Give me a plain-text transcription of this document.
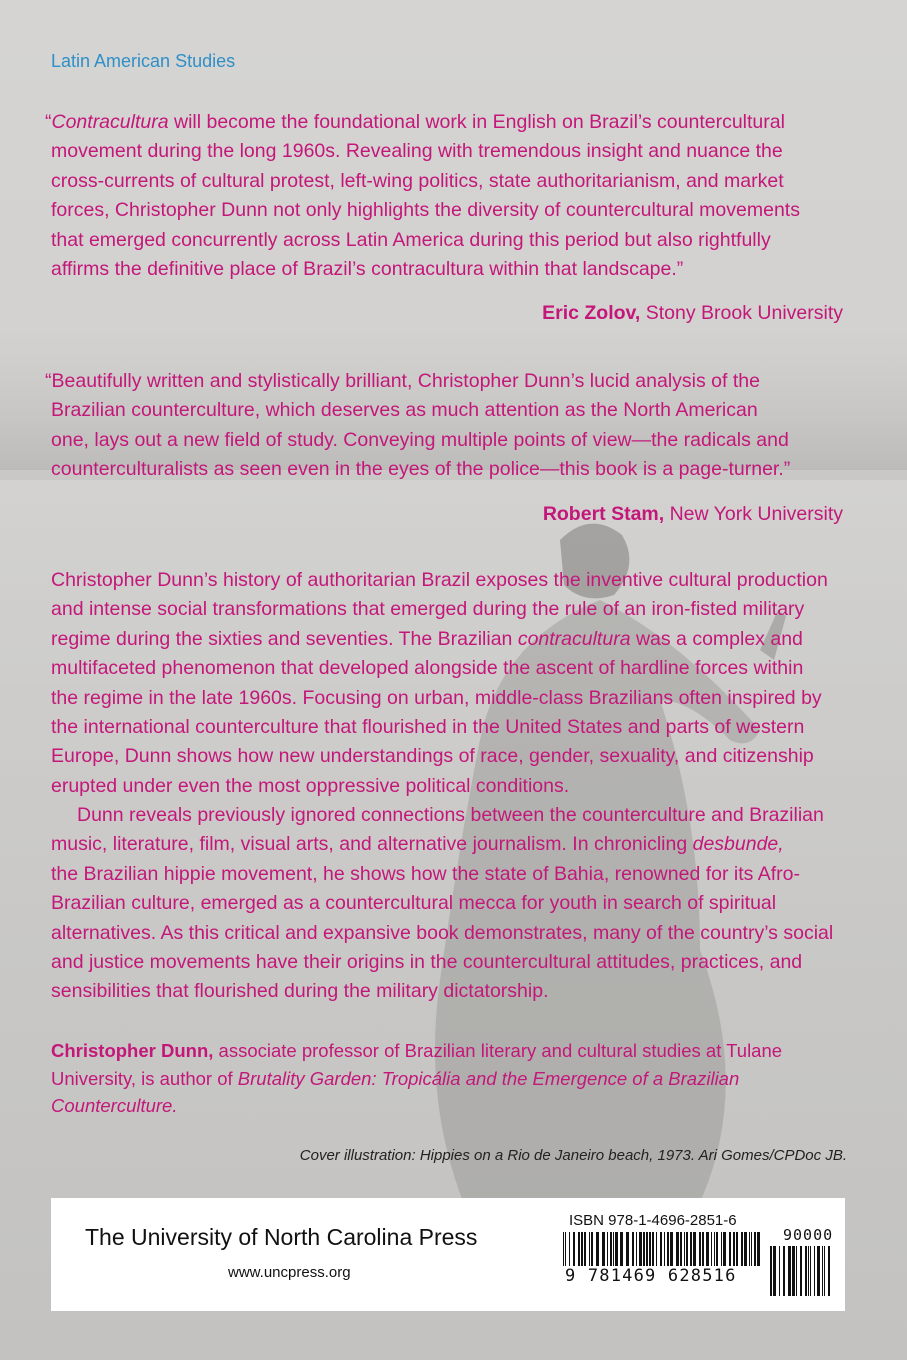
Latin American Studies
“Contracultura will become the foundational work in English on Brazil’s countercultural
movement during the long 1960s. Revealing with tremendous insight and nuance the
cross-currents of cultural protest, left-wing politics, state authoritarianism, and market
forces, Christopher Dunn not only highlights the diversity of countercultural movements
that emerged concurrently across Latin America during this period but also rightfully
affirms the definitive place of Brazil’s contracultura within that landscape.”
Eric Zolov, Stony Brook University
“Beautifully written and stylistically brilliant, Christopher Dunn’s lucid analysis of the
Brazilian counterculture, which deserves as much attention as the North American
one, lays out a new field of study. Conveying multiple points of view—the radicals and
counterculturalists as seen even in the eyes of the police—this book is a page-turner.”
Robert Stam, New York University
Christopher Dunn’s history of authoritarian Brazil exposes the inventive cultural production
and intense social transformations that emerged during the rule of an iron-fisted military
regime during the sixties and seventies. The Brazilian contracultura was a complex and
multifaceted phenomenon that developed alongside the ascent of hardline forces within
the regime in the late 1960s. Focusing on urban, middle-class Brazilians often inspired by
the international counterculture that flourished in the United States and parts of western
Europe, Dunn shows how new understandings of race, gender, sexuality, and citizenship
erupted under even the most oppressive political conditions.
Dunn reveals previously ignored connections between the counterculture and Brazilian
music, literature, film, visual arts, and alternative journalism. In chronicling desbunde,
the Brazilian hippie movement, he shows how the state of Bahia, renowned for its Afro-
Brazilian culture, emerged as a countercultural mecca for youth in search of spiritual
alternatives. As this critical and expansive book demonstrates, many of the country’s social
and justice movements have their origins in the countercultural attitudes, practices, and
sensibilities that flourished during the military dictatorship.
Christopher Dunn, associate professor of Brazilian literary and cultural studies at Tulane
University, is author of Brutality Garden: Tropicália and the Emergence of a Brazilian
Counterculture.
Cover illustration: Hippies on a Rio de Janeiro beach, 1973. Ari Gomes/CPDoc JB.
The University of North Carolina Press
www.uncpress.org
ISBN 978-1-4696-2851-6
9 781469 628516
90000
